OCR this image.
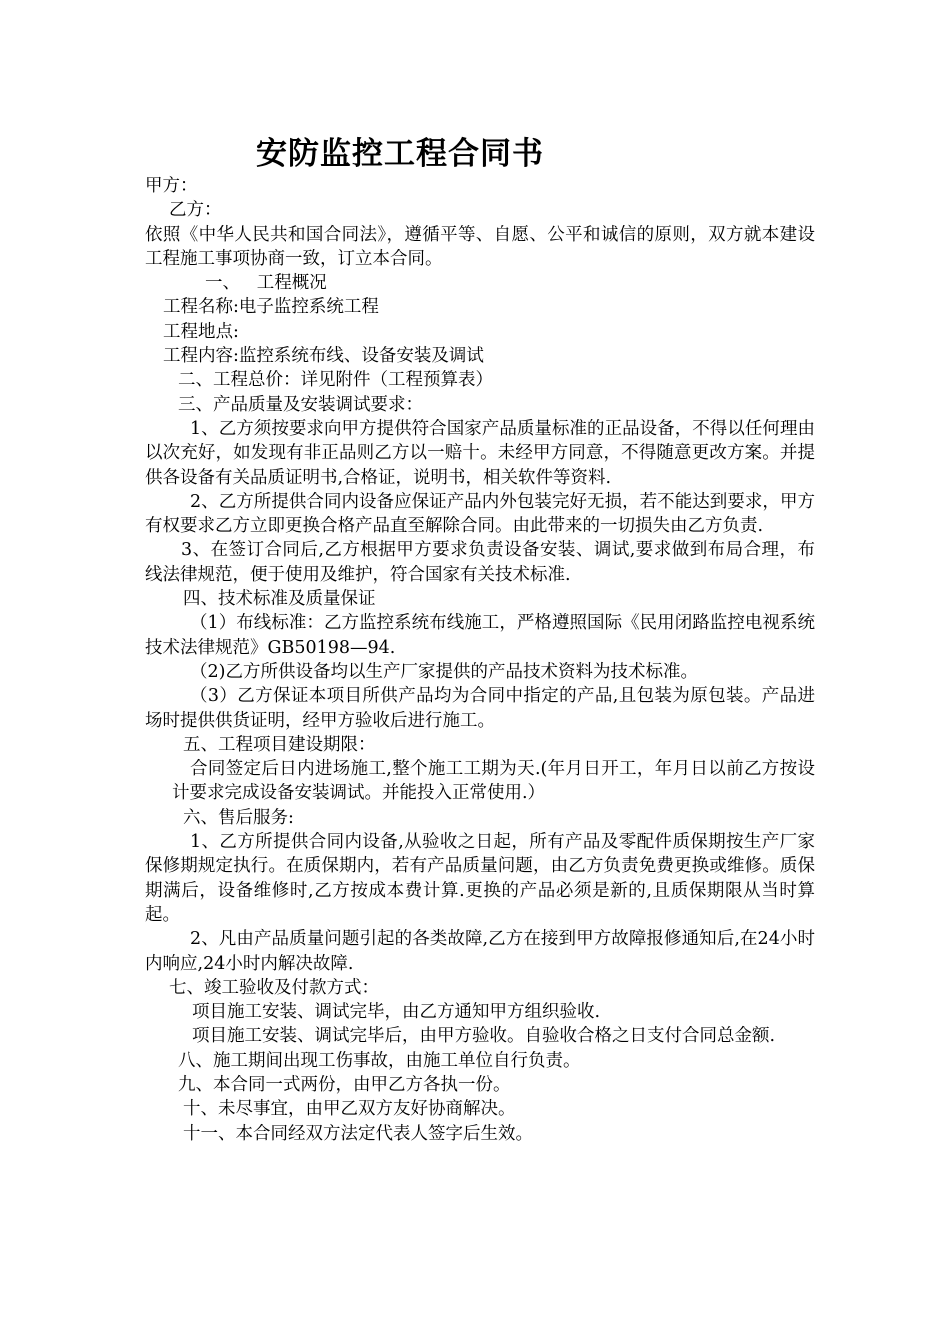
安防监控工程合同书

甲方：

乙方：

依照《中华人民共和国合同法》，遵循平等、自愿、公平和诚信的原则，双方就本建设工程施工事项协商一致，订立本合同。

一、   工程概况

工程名称:电子监控系统工程

工程地点:

工程内容:监控系统布线、设备安装及调试

二、工程总价：详见附件（工程预算表）

三、产品质量及安装调试要求：

1、乙方须按要求向甲方提供符合国家产品质量标准的正品设备，不得以任何理由以次充好，如发现有非正品则乙方以一赔十。未经甲方同意，不得随意更改方案。并提供各设备有关品质证明书,合格证，说明书，相关软件等资料.

2、乙方所提供合同内设备应保证产品内外包装完好无损，若不能达到要求，甲方有权要求乙方立即更换合格产品直至解除合同。由此带来的一切损失由乙方负责.

3、在签订合同后,乙方根据甲方要求负责设备安装、调试,要求做到布局合理，布线法律规范，便于使用及维护，符合国家有关技术标准.

四、技术标准及质量保证

（1）布线标准：乙方监控系统布线施工，严格遵照国际《民用闭路监控电视系统技术法律规范》GB50198—94.

（2)乙方所供设备均以生产厂家提供的产品技术资料为技术标准。

（3）乙方保证本项目所供产品均为合同中指定的产品,且包装为原包装。产品进场时提供供货证明，经甲方验收后进行施工。

五、工程项目建设期限：

合同签定后日内进场施工,整个施工工期为天.(年月日开工，年月日以前乙方按设计要求完成设备安装调试。并能投入正常使用.）

六、售后服务:

1、乙方所提供合同内设备,从验收之日起，所有产品及零配件质保期按生产厂家保修期规定执行。在质保期内，若有产品质量问题，由乙方负责免费更换或维修。质保期满后，设备维修时,乙方按成本费计算.更换的产品必须是新的,且质保期限从当时算起。

2、凡由产品质量问题引起的各类故障,乙方在接到甲方故障报修通知后,在24小时内响应,24小时内解决故障.

七、竣工验收及付款方式：

项目施工安装、调试完毕，由乙方通知甲方组织验收.

项目施工安装、调试完毕后，由甲方验收。自验收合格之日支付合同总金额.

八、施工期间出现工伤事故，由施工单位自行负责。

九、本合同一式两份，由甲乙方各执一份。

十、未尽事宜，由甲乙双方友好协商解决。

十一、本合同经双方法定代表人签字后生效。
